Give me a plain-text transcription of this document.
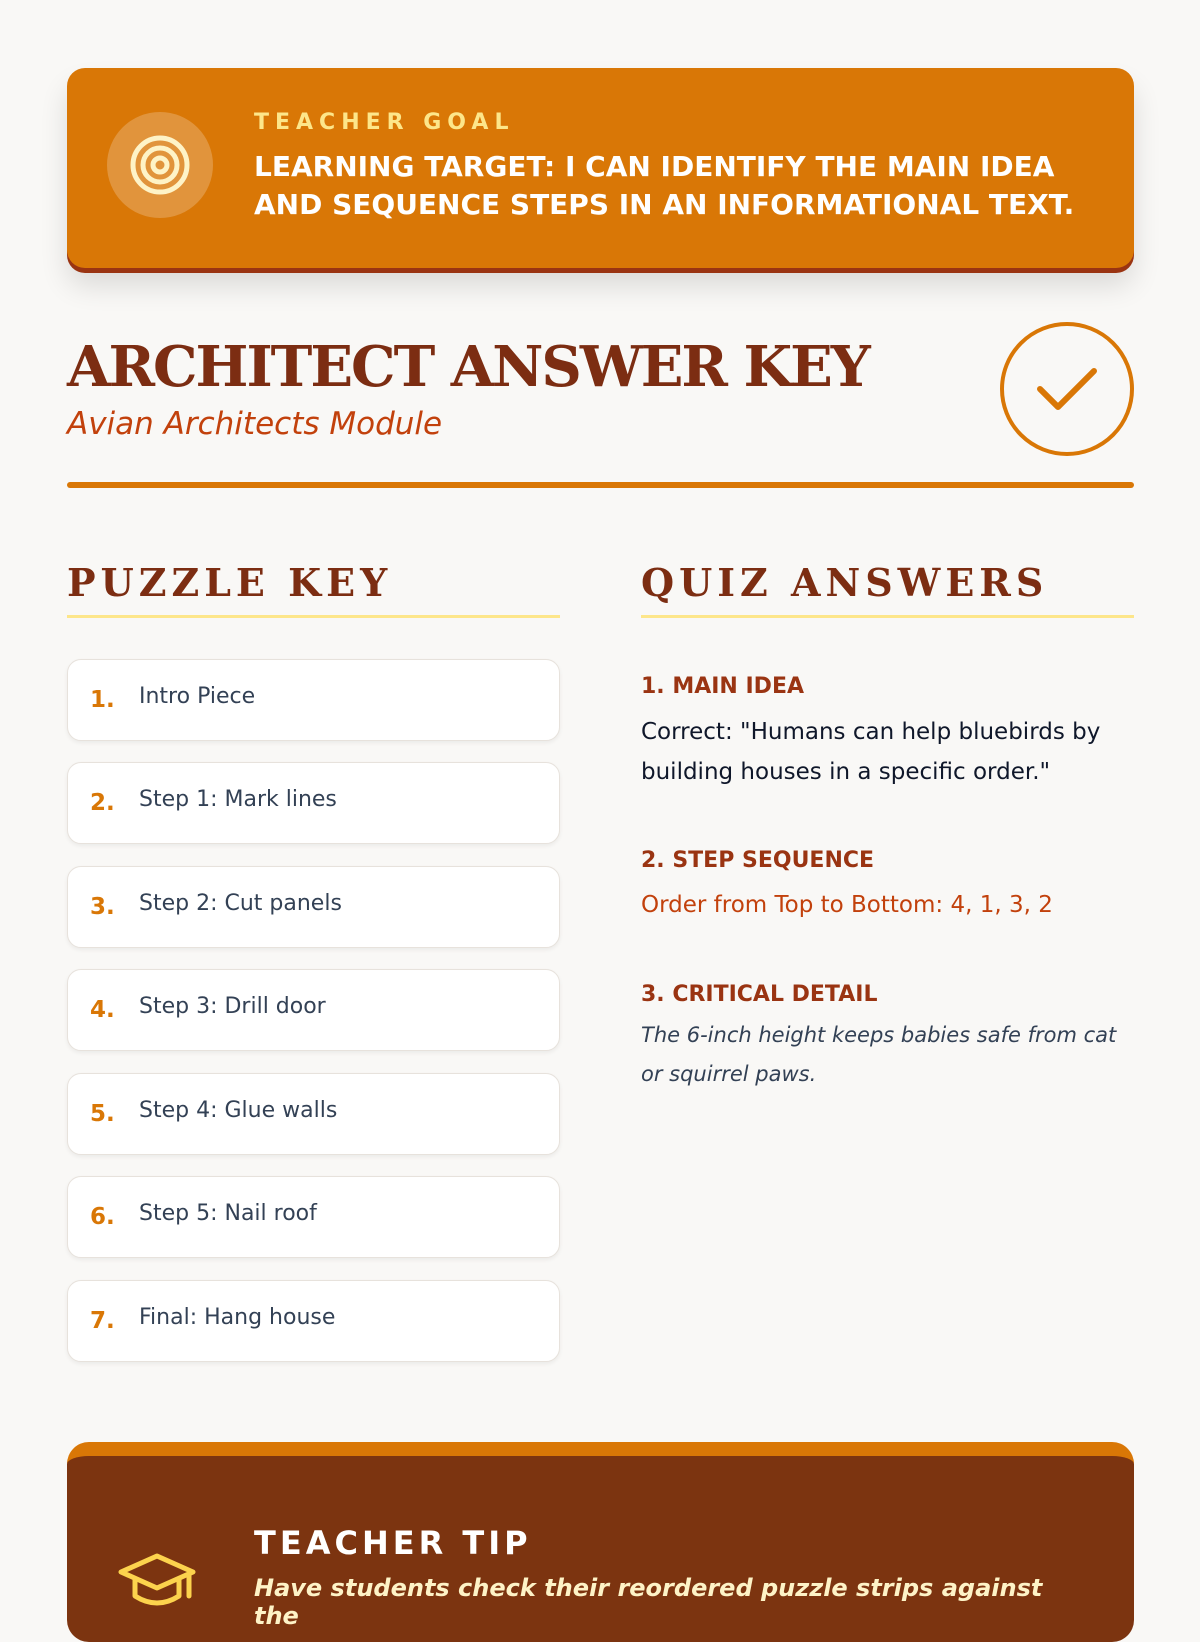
TEACHER GOAL
LEARNING TARGET: I CAN IDENTIFY THE MAIN IDEA AND SEQUENCE STEPS IN AN INFORMATIONAL TEXT.
ARCHITECT ANSWER KEY
Avian Architects Module
PUZZLE KEY
1. Intro Piece
2. Step 1: Mark lines
3. Step 2: Cut panels
4. Step 3: Drill door
5. Step 4: Glue walls
6. Step 5: Nail roof
7. Final: Hang house
QUIZ ANSWERS
1. MAIN IDEA
Correct: "Humans can help bluebirds by building houses in a specific order."
2. STEP SEQUENCE
Order from Top to Bottom: 4, 1, 3, 2
3. CRITICAL DETAIL
The 6-inch height keeps babies safe from cat or squirrel paws.
TEACHER TIP
Have students check their reordered puzzle strips against the
